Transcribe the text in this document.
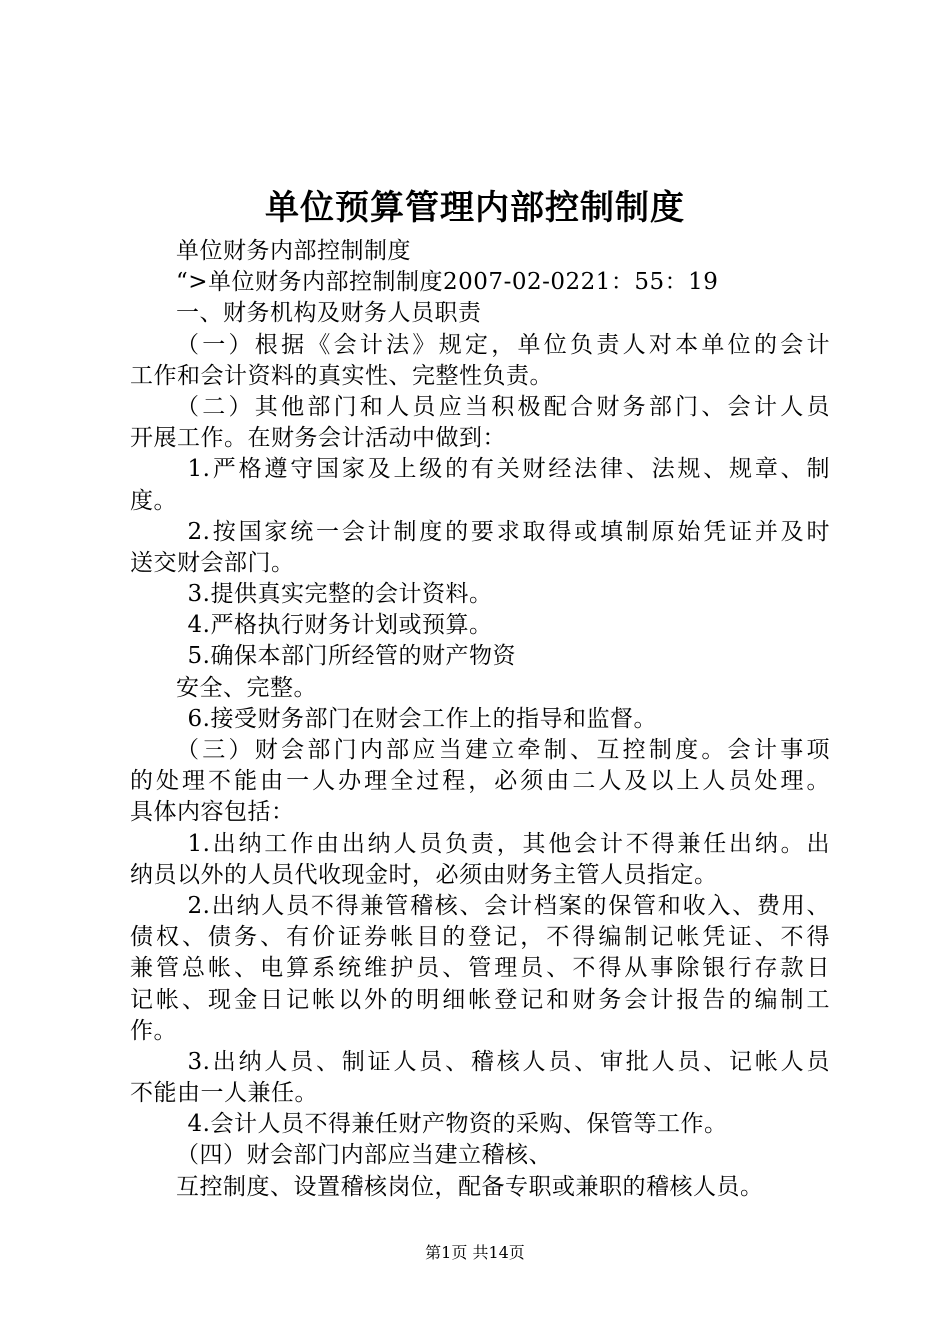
单位预算管理内部控制制度
单位财务内部控制制度
“>单位财务内部控制制度2007-02-0221：55：19
一、财务机构及财务人员职责
（一）根据《会计法》规定，单位负责人对本单位的会计
工作和会计资料的真实性、完整性负责。
（二）其他部门和人员应当积极配合财务部门、会计人员
开展工作。在财务会计活动中做到：
1.严格遵守国家及上级的有关财经法律、法规、规章、制
度。
2.按国家统一会计制度的要求取得或填制原始凭证并及时
送交财会部门。
3.提供真实完整的会计资料。
4.严格执行财务计划或预算。
5.确保本部门所经管的财产物资
安全、完整。
6.接受财务部门在财会工作上的指导和监督。
（三）财会部门内部应当建立牵制、互控制度。会计事项
的处理不能由一人办理全过程，必须由二人及以上人员处理。
具体内容包括：
1.出纳工作由出纳人员负责，其他会计不得兼任出纳。出
纳员以外的人员代收现金时，必须由财务主管人员指定。
2.出纳人员不得兼管稽核、会计档案的保管和收入、费用、
债权、债务、有价证券帐目的登记，不得编制记帐凭证、不得
兼管总帐、电算系统维护员、管理员、不得从事除银行存款日
记帐、现金日记帐以外的明细帐登记和财务会计报告的编制工
作。
3.出纳人员、制证人员、稽核人员、审批人员、记帐人员
不能由一人兼任。
4.会计人员不得兼任财产物资的采购、保管等工作。
（四）财会部门内部应当建立稽核、
互控制度、设置稽核岗位，配备专职或兼职的稽核人员。
第1页 共14页
